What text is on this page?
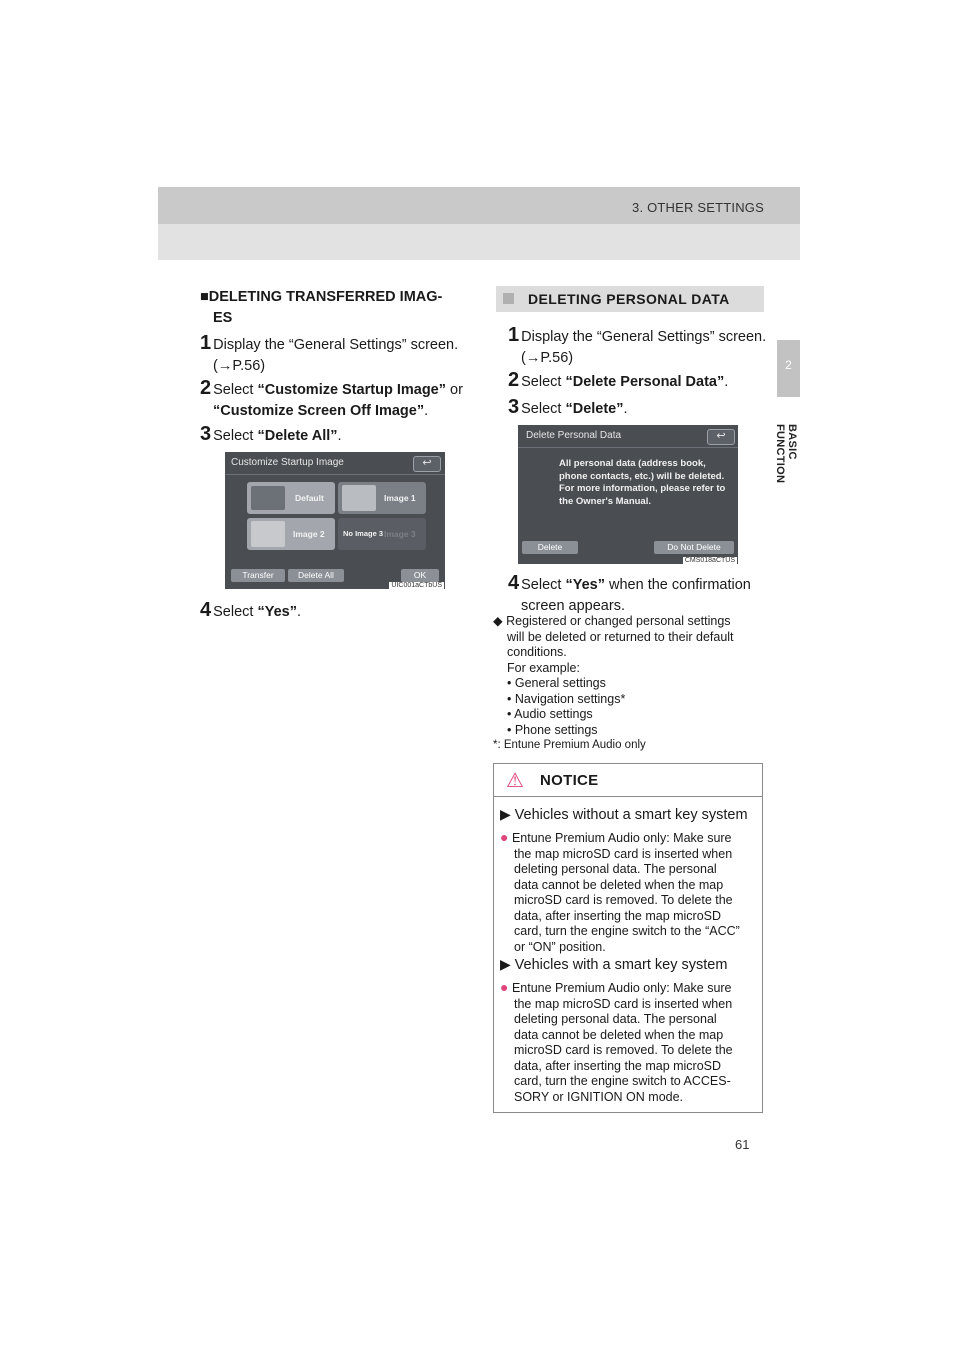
3. OTHER SETTINGS
2
BASIC FUNCTION
■DELETING TRANSFERRED IMAG-
ES
1 Display the “General Settings” screen.
(→P.56)
2 Select “Customize Startup Image” or
“Customize Screen Off Image”.
3 Select “Delete All”.
Customize Startup Image	↩
Default	Image 1
Image 2 No Image 3 Image 3
Transfer	Delete All	OK
UIC001aCTbUS
4 Select “Yes”.
DELETING PERSONAL DATA
1 Display the “General Settings” screen.
(→P.56)
2 Select “Delete Personal Data”.
3 Select “Delete”.
Delete Personal Data	↩
All personal data (address book,
phone contacts, etc.) will be deleted.
For more information, please refer to
the Owner's Manual.
Delete	Do Not Delete
CMS018aCTUS
4 Select “Yes” when the confirmation
screen appears.
◆ Registered or changed personal settings
will be deleted or returned to their default
conditions.
For example:
• General settings
• Navigation settings*
• Audio settings
• Phone settings
*: Entune Premium Audio only
⚠ NOTICE
▶ Vehicles without a smart key system
● Entune Premium Audio only: Make sure
the map microSD card is inserted when
deleting personal data. The personal
data cannot be deleted when the map
microSD card is removed. To delete the
data, after inserting the map microSD
card, turn the engine switch to the “ACC”
or “ON” position.
▶ Vehicles with a smart key system
● Entune Premium Audio only: Make sure
the map microSD card is inserted when
deleting personal data. The personal
data cannot be deleted when the map
microSD card is removed. To delete the
data, after inserting the map microSD
card, turn the engine switch to ACCES-
SORY or IGNITION ON mode.
61
